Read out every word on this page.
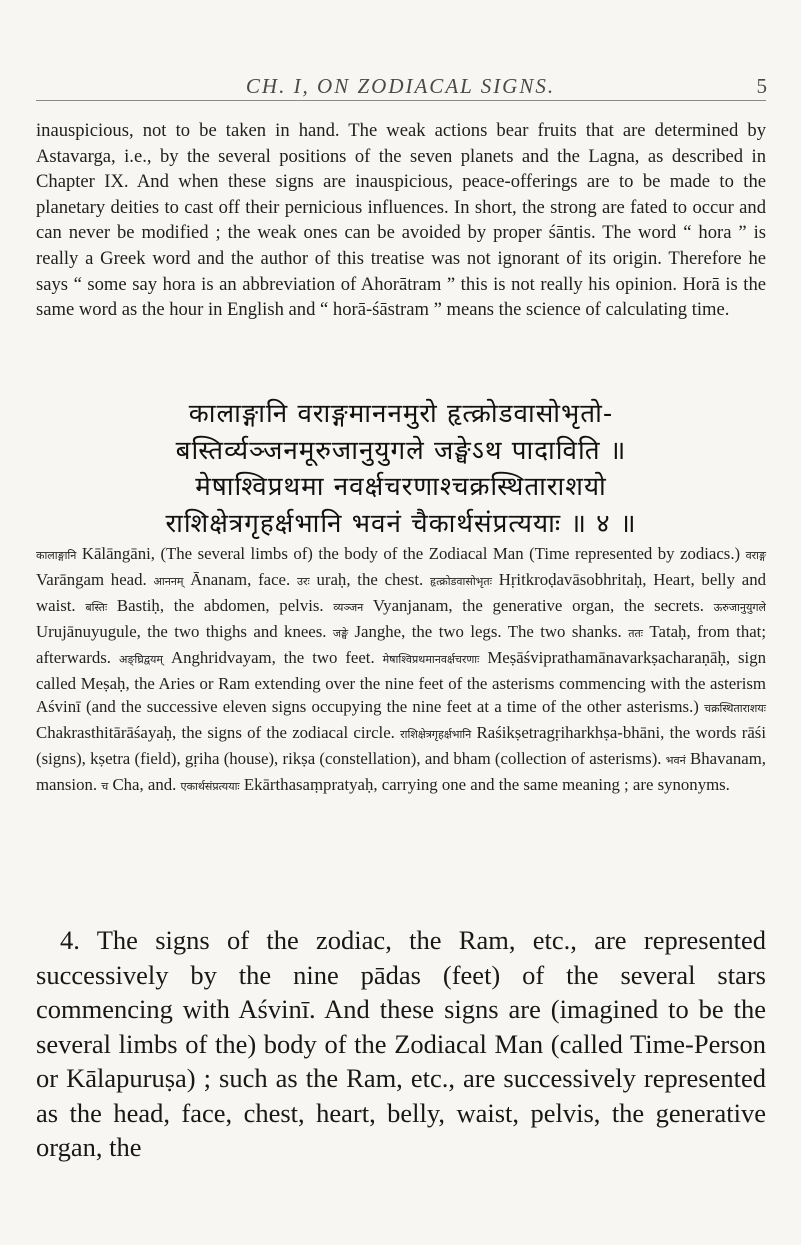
CH. I, ON ZODIACAL SIGNS.	5
inauspicious, not to be taken in hand. The weak actions bear fruits that are determined by Astavarga, i.e., by the several positions of the seven planets and the Lagna, as described in Chapter IX. And when these signs are inauspicious, peace-offerings are to be made to the planetary deities to cast off their pernicious influences. In short, the strong are fated to occur and can never be modified ; the weak ones can be avoided by proper śāntis. The word “ hora ” is really a Greek word and the author of this treatise was not ignorant of its origin. Therefore he says “ some say hora is an abbreviation of Ahorātram ” this is not really his opinion. Horā is the same word as the hour in English and “ horā-śāstram ” means the science of calculating time.
कालाङ्गानि वराङ्गमाननमुरो हृत्क्रोडवासोभृतो-
बस्तिर्व्यञ्जनमूरुजानुयुगले जङ्घेऽथ पादाविति ॥
मेषाश्विप्रथमा नवर्क्षचरणाश्चक्रस्थिताराशयो
राशिक्षेत्रगृहर्क्षभानि भवनं चैकार्थसंप्रत्ययाः ॥ ४ ॥
कालाङ्गानि Kālāngāni, (The several limbs of) the body of the Zodiacal Man (Time represented by zodiacs.) वराङ्ग Varāngam head. आननम् Ānanam, face. उरः uraḥ, the chest. हृत्क्रोडवासोभृतः Hṛitkroḍavāsobhritaḥ, Heart, belly and waist. बस्तिः Bastiḥ, the abdomen, pelvis. व्यञ्जन Vyanjanam, the generative organ, the secrets. ऊरुजानुयुगले Urujānuyugule, the two thighs and knees. जङ्घे Janghe, the two legs. The two shanks. ततः Tataḥ, from that; afterwards. अङ्घ्रिद्वयम् Anghridvayam, the two feet. मेषाश्विप्रथमानवर्क्षचरणाः Meṣāśviprathamānavarkṣacharaṇāḥ, sign called Meṣaḥ, the Aries or Ram extending over the nine feet of the asterisms commencing with the asterism Aśvinī (and the successive eleven signs occupying the nine feet at a time of the other asterisms.) चक्रस्थिताराशयः Chakrasthitārāśayaḥ, the signs of the zodiacal circle. राशिक्षेत्रगृहर्क्षभानि Raśikṣetragṛiharkhṣa-bhāni, the words rāśi (signs), kṣetra (field), gṛiha (house), rikṣa (constellation), and bham (collection of asterisms). भवनं Bhavanam, mansion. च Cha, and. एकार्थसंप्रत्ययाः Ekārthasaṃpratyaḥ, carrying one and the same meaning ; are synonyms.
4. The signs of the zodiac, the Ram, etc., are represented successively by the nine pādas (feet) of the several stars commencing with Aśvinī. And these signs are (imagined to be the several limbs of the) body of the Zodiacal Man (called Time-Person or Kālapuruṣa) ; such as the Ram, etc., are successively represented as the head, face, chest, heart, belly, waist, pelvis, the generative organ, the
